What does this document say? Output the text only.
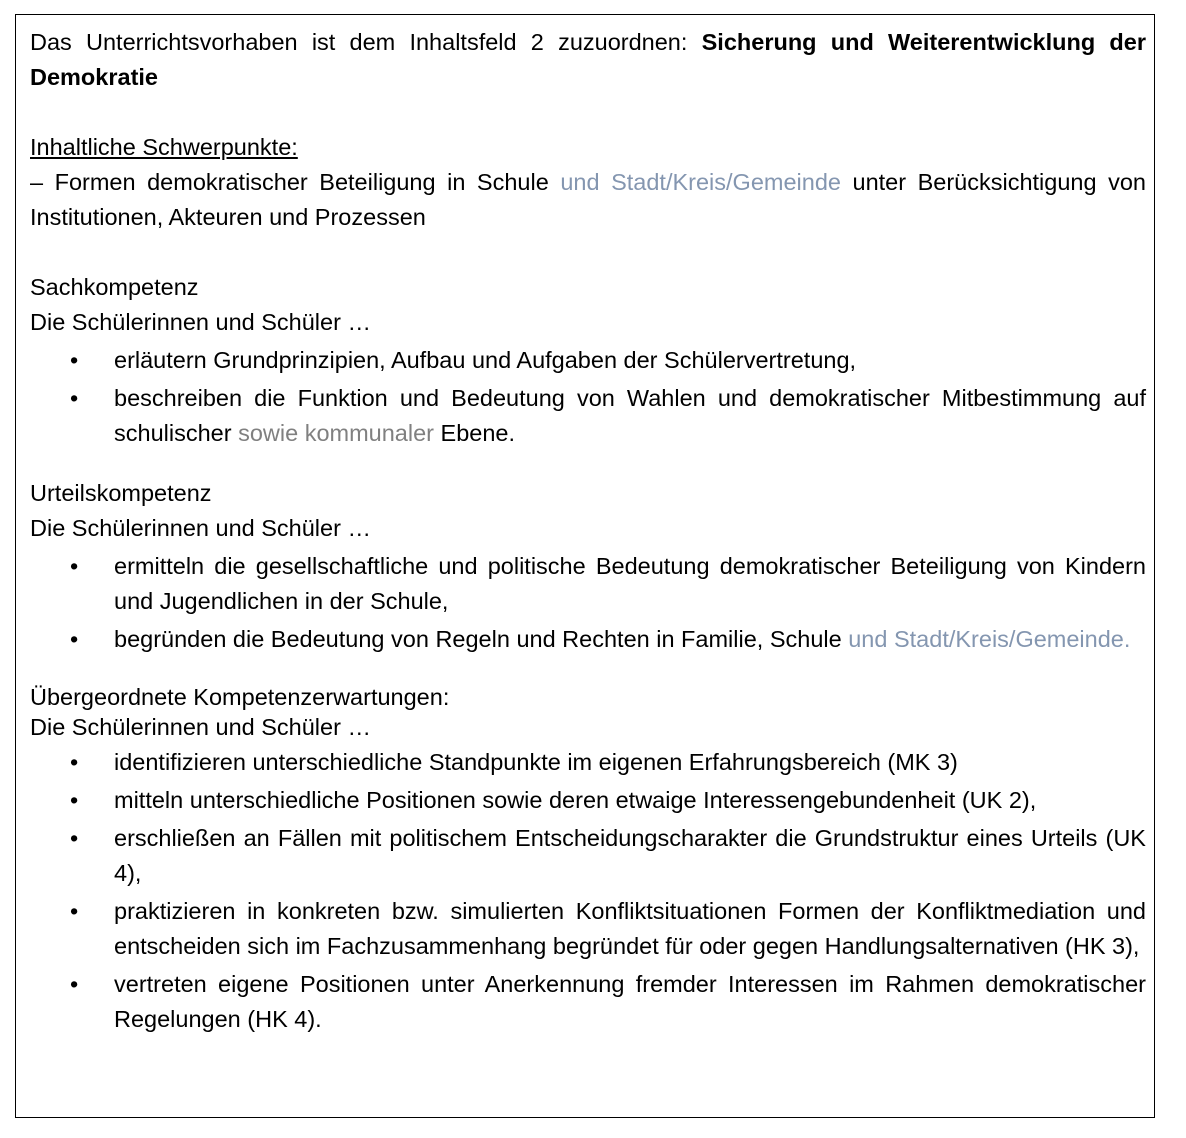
Das Unterrichtsvorhaben ist dem Inhaltsfeld 2 zuzuordnen: Sicherung und Weiterentwicklung der Demokratie

Inhaltliche Schwerpunkte:

– Formen demokratischer Beteiligung in Schule und Stadt/Kreis/Gemeinde unter Berücksichtigung von Institutionen, Akteuren und Prozessen

Sachkompetenz

Die Schülerinnen und Schüler …

• erläutern Grundprinzipien, Aufbau und Aufgaben der Schülervertretung,
• beschreiben die Funktion und Bedeutung von Wahlen und demokratischer Mitbestimmung auf schulischer sowie kommunaler Ebene.

Urteilskompetenz

Die Schülerinnen und Schüler …

• ermitteln die gesellschaftliche und politische Bedeutung demokratischer Beteiligung von Kindern und Jugendlichen in der Schule,
• begründen die Bedeutung von Regeln und Rechten in Familie, Schule und Stadt/Kreis/Gemeinde.

Übergeordnete Kompetenzerwartungen:

Die Schülerinnen und Schüler …

• identifizieren unterschiedliche Standpunkte im eigenen Erfahrungsbereich (MK 3)
• mitteln unterschiedliche Positionen sowie deren etwaige Interessengebundenheit (UK 2),
• erschließen an Fällen mit politischem Entscheidungscharakter die Grundstruktur eines Urteils (UK 4),
• praktizieren in konkreten bzw. simulierten Konfliktsituationen Formen der Konfliktmediation und entscheiden sich im Fachzusammenhang begründet für oder gegen Handlungsalternativen (HK 3),
• vertreten eigene Positionen unter Anerkennung fremder Interessen im Rahmen demokratischer Regelungen (HK 4).
